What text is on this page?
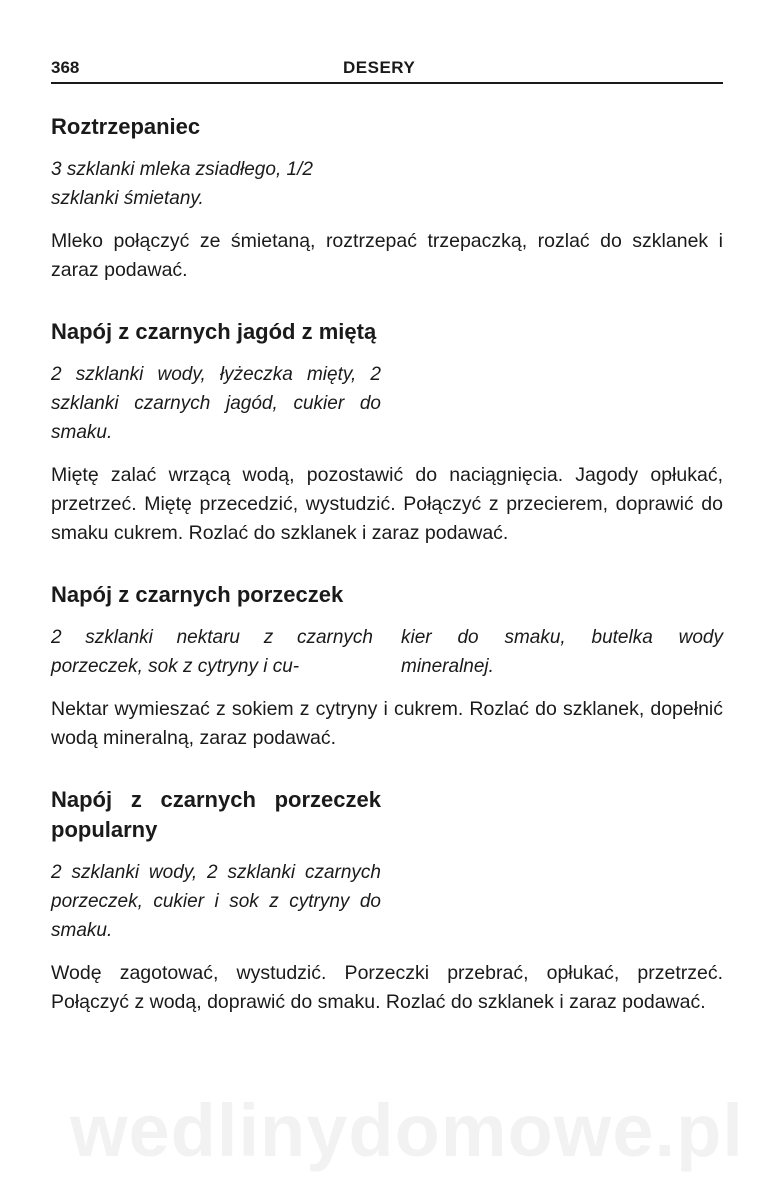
368	DESERY
Roztrzepaniec

3 szklanki mleka zsiadłego, 1/2 szklanki śmietany.

Mleko połączyć ze śmietaną, roztrzepać trzepaczką, rozlać do szklanek i zaraz podawać.

Napój z czarnych jagód z miętą

2 szklanki wody, łyżeczka mięty, 2 szklanki czarnych jagód, cukier do smaku.

Miętę zalać wrzącą wodą, pozostawić do naciągnięcia. Jagody opłukać, przetrzeć. Miętę przecedzić, wystudzić. Połączyć z przecierem, doprawić do smaku cukrem. Rozlać do szklanek i zaraz podawać.

Napój z czarnych porzeczek
2 szklanki nektaru z czarnych porzeczek, sok z cytryny i cu-
kier do smaku, butelka wody mineralnej.

Nektar wymieszać z sokiem z cytryny i cukrem. Rozlać do szklanek, dopełnić wodą mineralną, zaraz podawać.

Napój z czarnych porzeczek popularny

2 szklanki wody, 2 szklanki czarnych porzeczek, cukier i sok z cytryny do smaku.

Wodę zagotować, wystudzić. Porzeczki przebrać, opłukać, przetrzeć. Połączyć z wodą, doprawić do smaku. Rozlać do szklanek i zaraz podawać.

wedlinydomowe.pl
